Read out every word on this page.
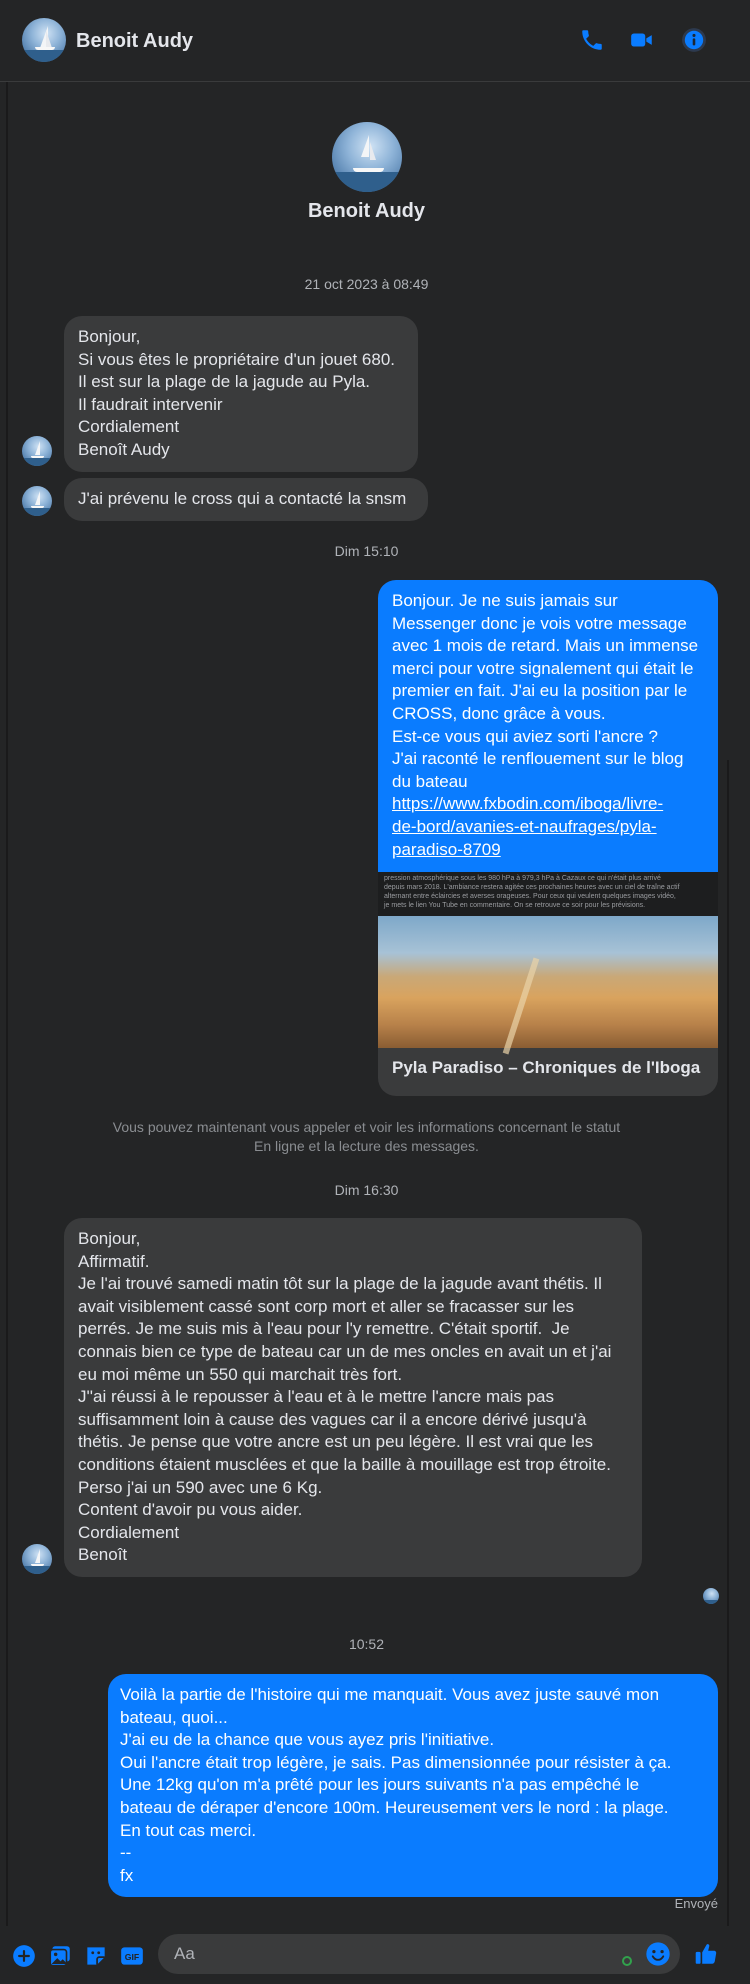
Benoit Audy
Benoit Audy
21 oct 2023 à 08:49
Bonjour,
Si vous êtes le propriétaire d'un jouet 680.
Il est sur la plage de la jagude au Pyla.
Il faudrait intervenir
Cordialement
Benoît Audy
J'ai prévenu le cross qui a contacté la snsm
Dim 15:10
Bonjour. Je ne suis jamais sur
Messenger donc je vois votre message
avec 1 mois de retard. Mais un immense
merci pour votre signalement qui était le
premier en fait. J'ai eu la position par le
CROSS, donc grâce à vous.
Est-ce vous qui aviez sorti l'ancre ?
J'ai raconté le renflouement sur le blog
du bateau
https://www.fxbodin.com/iboga/livre-
de-bord/avanies-et-naufrages/pyla-
paradiso-8709
pression atmosphérique sous les 980 hPa à 979,3 hPa à Cazaux ce qui n'était plus arrivé
depuis mars 2018. L'ambiance restera agitée ces prochaines heures avec un ciel de traîne actif
alternant entre éclaircies et averses orageuses. Pour ceux qui veulent quelques images vidéo,
je mets le lien You Tube en commentaire. On se retrouve ce soir pour les prévisions.
Pyla Paradiso – Chroniques de l'Iboga
Vous pouvez maintenant vous appeler et voir les informations concernant le statut En ligne et la lecture des messages.
Dim 16:30
Bonjour,
Affirmatif.
Je l'ai trouvé samedi matin tôt sur la plage de la jagude avant thétis. Il
avait visiblement cassé sont corp mort et aller se fracasser sur les
perrés. Je me suis mis à l'eau pour l'y remettre. C'était sportif.  Je
connais bien ce type de bateau car un de mes oncles en avait un et j'ai
eu moi même un 550 qui marchait très fort.
J''ai réussi à le repousser à l'eau et à le mettre l'ancre mais pas
suffisamment loin à cause des vagues car il a encore dérivé jusqu'à
thétis. Je pense que votre ancre est un peu légère. Il est vrai que les
conditions étaient musclées et que la baille à mouillage est trop étroite.
Perso j'ai un 590 avec une 6 Kg.
Content d'avoir pu vous aider.
Cordialement
Benoît
10:52
Voilà la partie de l'histoire qui me manquait. Vous avez juste sauvé mon
bateau, quoi...
J'ai eu de la chance que vous ayez pris l'initiative.
Oui l'ancre était trop légère, je sais. Pas dimensionnée pour résister à ça.
Une 12kg qu'on m'a prêté pour les jours suivants n'a pas empêché le
bateau de déraper d'encore 100m. Heureusement vers le nord : la plage.
En tout cas merci.
--
fx
Envoyé
GIF Aa
